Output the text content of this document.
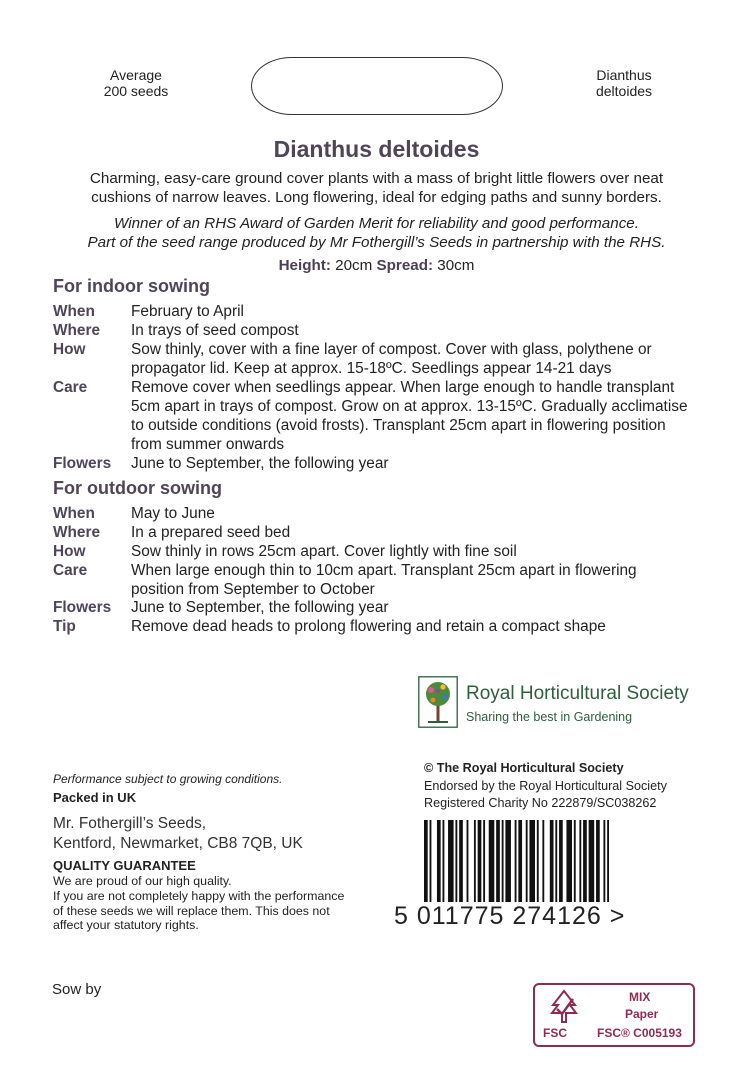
Average
200 seeds
Dianthus
deltoides
Dianthus deltoides
Charming, easy-care ground cover plants with a mass of bright little flowers over neat
cushions of narrow leaves. Long flowering, ideal for edging paths and sunny borders.
Winner of an RHS Award of Garden Merit for reliability and good performance.
Part of the seed range produced by Mr Fothergill’s Seeds in partnership with the RHS.
Height: 20cm Spread: 30cm
For indoor sowing
When	February to April
Where	In trays of seed compost
How	Sow thinly, cover with a fine layer of compost. Cover with glass, polythene or
propagator lid. Keep at approx. 15-18ºC. Seedlings appear 14-21 days
Care	Remove cover when seedlings appear. When large enough to handle transplant
5cm apart in trays of compost. Grow on at approx. 13-15ºC. Gradually acclimatise
to outside conditions (avoid frosts). Transplant 25cm apart in flowering position
from summer onwards
Flowers	June to September, the following year
For outdoor sowing
When	May to June
Where	In a prepared seed bed
How	Sow thinly in rows 25cm apart. Cover lightly with fine soil
Care	When large enough thin to 10cm apart. Transplant 25cm apart in flowering
position from September to October
Flowers	June to September, the following year
Tip	Remove dead heads to prolong flowering and retain a compact shape
Royal Horticultural Society
Sharing the best in Gardening
© The Royal Horticultural Society
Endorsed by the Royal Horticultural Society
Registered Charity No 222879/SC038262
Performance subject to growing conditions.
Packed in UK
Mr. Fothergill’s Seeds,
Kentford, Newmarket, CB8 7QB, UK
QUALITY GUARANTEE
We are proud of our high quality.
If you are not completely happy with the performance
of these seeds we will replace them. This does not
affect your statutory rights.
Sow by
5 011775 274126 >
FSC
MIX
Paper
FSC® C005193
